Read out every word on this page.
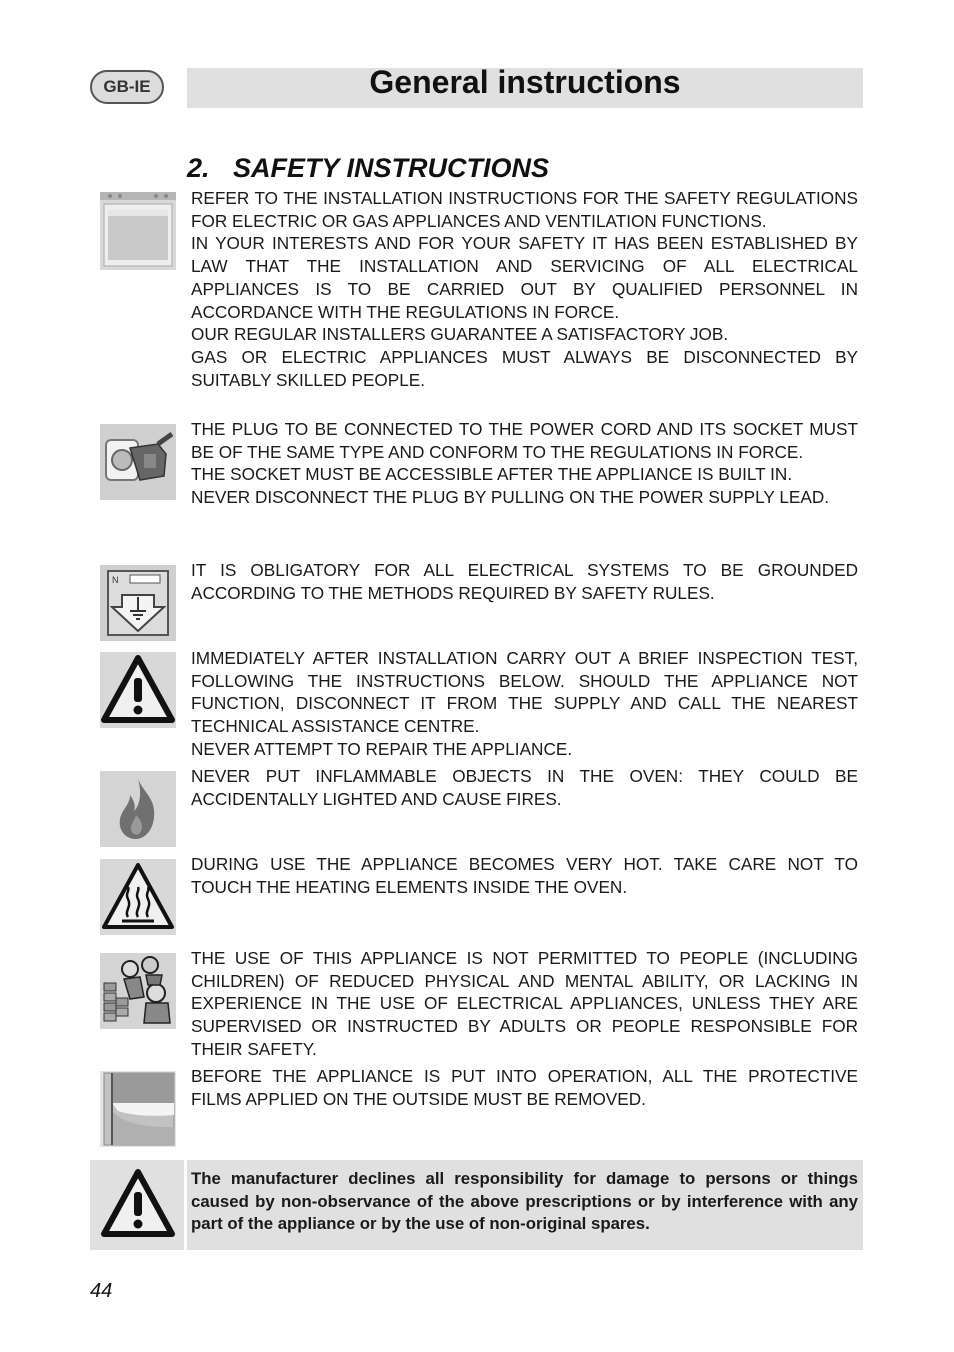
GB-IE	General instructions
2. SAFETY INSTRUCTIONS

REFER TO THE INSTALLATION INSTRUCTIONS FOR THE SAFETY REGULATIONS FOR ELECTRIC OR GAS APPLIANCES AND VENTILATION FUNCTIONS.

IN YOUR INTERESTS AND FOR YOUR SAFETY IT HAS BEEN ESTABLISHED BY LAW THAT THE INSTALLATION AND SERVICING OF ALL ELECTRICAL APPLIANCES IS TO BE CARRIED OUT BY QUALIFIED PERSONNEL IN ACCORDANCE WITH THE REGULATIONS IN FORCE.

OUR REGULAR INSTALLERS GUARANTEE A SATISFACTORY JOB.

GAS OR ELECTRIC APPLIANCES MUST ALWAYS BE DISCONNECTED BY SUITABLY SKILLED PEOPLE.

THE PLUG TO BE CONNECTED TO THE POWER CORD AND ITS SOCKET MUST BE OF THE SAME TYPE AND CONFORM TO THE REGULATIONS IN FORCE.

THE SOCKET MUST BE ACCESSIBLE AFTER THE APPLIANCE IS BUILT IN.

NEVER DISCONNECT THE PLUG BY PULLING ON THE POWER SUPPLY LEAD.

N	IT IS OBLIGATORY FOR ALL ELECTRICAL SYSTEMS TO BE GROUNDED ACCORDING TO THE METHODS REQUIRED BY SAFETY RULES.

IMMEDIATELY AFTER INSTALLATION CARRY OUT A BRIEF INSPECTION TEST, FOLLOWING THE INSTRUCTIONS BELOW. SHOULD THE APPLIANCE NOT FUNCTION, DISCONNECT IT FROM THE SUPPLY AND CALL THE NEAREST TECHNICAL ASSISTANCE CENTRE.

NEVER ATTEMPT TO REPAIR THE APPLIANCE.

NEVER PUT INFLAMMABLE OBJECTS IN THE OVEN: THEY COULD BE ACCIDENTALLY LIGHTED AND CAUSE FIRES.

DURING USE THE APPLIANCE BECOMES VERY HOT. TAKE CARE NOT TO TOUCH THE HEATING ELEMENTS INSIDE THE OVEN.

THE USE OF THIS APPLIANCE IS NOT PERMITTED TO PEOPLE (INCLUDING CHILDREN) OF REDUCED PHYSICAL AND MENTAL ABILITY, OR LACKING IN EXPERIENCE IN THE USE OF ELECTRICAL APPLIANCES, UNLESS THEY ARE SUPERVISED OR INSTRUCTED BY ADULTS OR PEOPLE RESPONSIBLE FOR THEIR SAFETY.

BEFORE THE APPLIANCE IS PUT INTO OPERATION, ALL THE PROTECTIVE FILMS APPLIED ON THE OUTSIDE MUST BE REMOVED.

The manufacturer declines all responsibility for damage to persons or things caused by non-observance of the above prescriptions or by interference with any part of the appliance or by the use of non-original spares.

44
